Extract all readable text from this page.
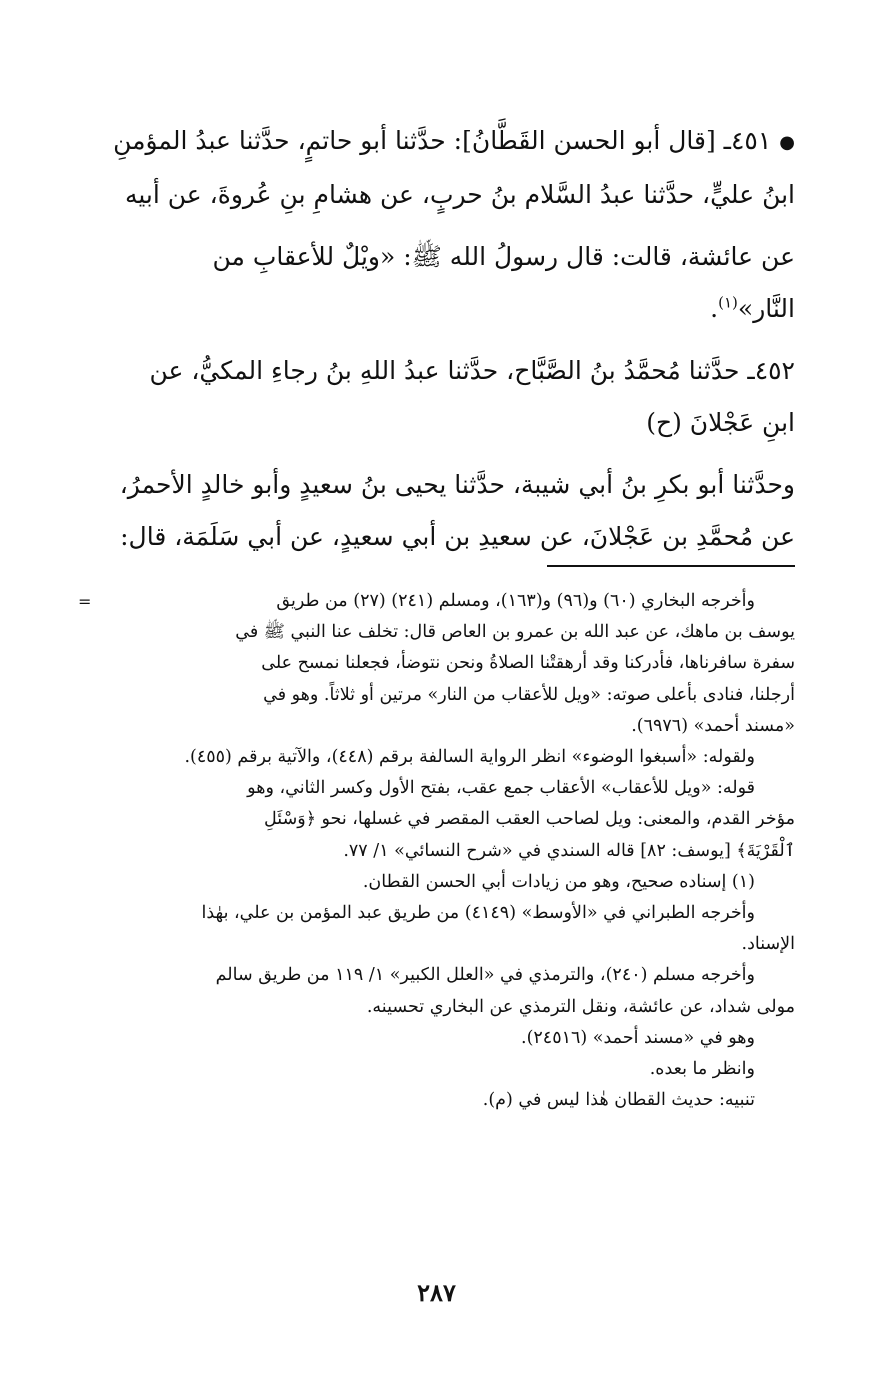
●٤٥١ـ [قال أبو الحسن القَطَّانُ]: حدَّثنا أبو حاتمٍ، حدَّثنا عبدُ المؤمنِ
ابنُ عليٍّ، حدَّثنا عبدُ السَّلام بنُ حربٍ، عن هشامِ بنِ عُروةَ، عن أبيه

عن عائشة، قالت: قال رسولُ الله ﷺ: «ويْلٌ للأعقابِ من
النَّار»$^{(١)}$.

٤٥٢ـ حدَّثنا مُحمَّدُ بنُ الصَّبَّاح، حدَّثنا عبدُ اللهِ بنُ رجاءِ المكيُّ، عن
ابنِ عَجْلانَ (ح)

وحدَّثنا أبو بكرِ بنُ أبي شيبة، حدَّثنا يحيى بنُ سعيدٍ وأبو خالدٍ الأحمرُ،
عن مُحمَّدِ بن عَجْلانَ، عن سعيدِ بن أبي سعيدٍ، عن أبي سَلَمَة، قال:

=	وأخرجه البخاري (٦٠) و(٩٦) و(١٦٣)، ومسلم (٢٤١) (٢٧) من طريق

يوسف بن ماهك، عن عبد الله بن عمرو بن العاص قال: تخلف عنا النبي ﷺ في
سفرة سافرناها، فأدركنا وقد أرهقتْنا الصلاةُ ونحن نتوضأ، فجعلنا نمسح على
أرجلنا، فنادى بأعلى صوته: «ويل للأعقاب من النار» مرتين أو ثلاثاً. وهو في
«مسند أحمد» (٦٩٧٦).

ولقوله: «أسبغوا الوضوء» انظر الرواية السالفة برقم (٤٤٨)، والآتية برقم (٤٥٥).

قوله: «ويل للأعقاب» الأعقاب جمع عقب، بفتح الأول وكسر الثاني، وهو

مؤخر القدم، والمعنى: ويل لصاحب العقب المقصر في غسلها، نحو ﴿وَسْئَلِ
ٱلْقَرْيَةَ﴾ [يوسف: ٨٢] قاله السندي في «شرح النسائي» ١/ ٧٧.

(١) إسناده صحيح، وهو من زيادات أبي الحسن القطان.

وأخرجه الطبراني في «الأوسط» (٤١٤٩) من طريق عبد المؤمن بن علي، بهٰذا

الإسناد.

وأخرجه مسلم (٢٤٠)، والترمذي في «العلل الكبير» ١/ ١١٩ من طريق سالم

مولى شداد، عن عائشة، ونقل الترمذي عن البخاري تحسينه.

وهو في «مسند أحمد» (٢٤٥١٦).

وانظر ما بعده.

تنبيه: حديث القطان هٰذا ليس في (م).

٢٨٧
